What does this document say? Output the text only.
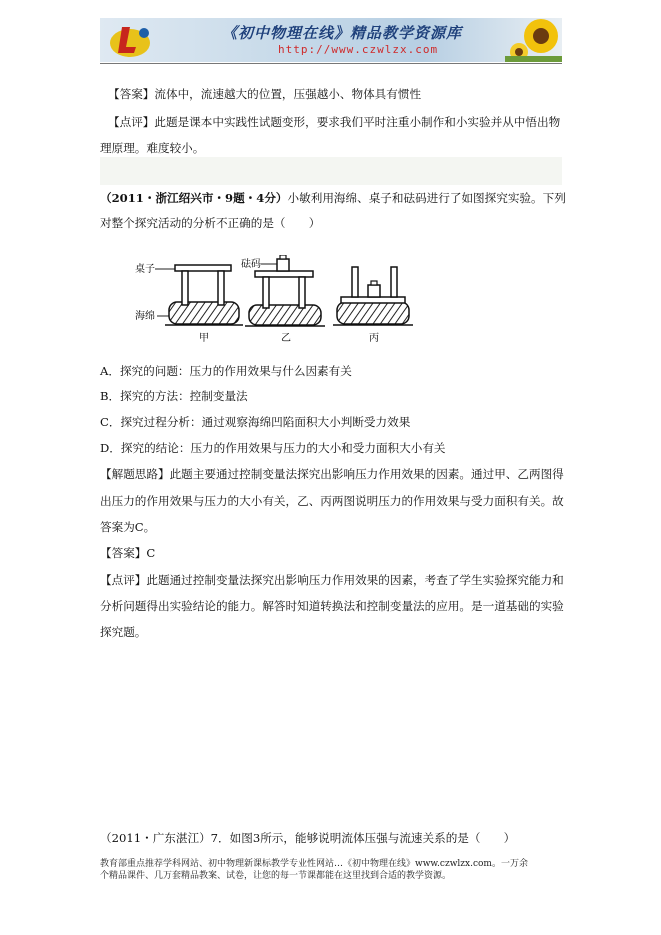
《初中物理在线》精品教学资源库
http://www.czwlzx.com
【答案】流体中，流速越大的位置，压强越小、物体具有惯性
【点评】此题是课本中实践性试题变形，要求我们平时注重小制作和小实验并从中悟出物
理原理。难度较小。
（2011・浙江绍兴市・9题・4分）小敏利用海绵、桌子和砝码进行了如图探究实验。下列
对整个探究活动的分析不正确的是（　　）
桌子
海绵
砝码
甲	乙	丙
A．探究的问题：压力的作用效果与什么因素有关
B．探究的方法：控制变量法
C．探究过程分析：通过观察海绵凹陷面积大小判断受力效果
D．探究的结论：压力的作用效果与压力的大小和受力面积大小有关
【解题思路】此题主要通过控制变量法探究出影响压力作用效果的因素。通过甲、乙两图得
出压力的作用效果与压力的大小有关，乙、丙两图说明压力的作用效果与受力面积有关。故
答案为C。
【答案】C
【点评】此题通过控制变量法探究出影响压力作用效果的因素，考查了学生实验探究能力和
分析问题得出实验结论的能力。解答时知道转换法和控制变量法的应用。是一道基础的实验
探究题。
（2011・广东湛江）7．如图3所示，能够说明流体压强与流速关系的是（　　）
教育部重点推荐学科网站、初中物理新课标教学专业性网站…《初中物理在线》www.czwlzx.com。一万余
个精品课件、几万套精品教案、试卷，让您的每一节课都能在这里找到合适的教学资源。
